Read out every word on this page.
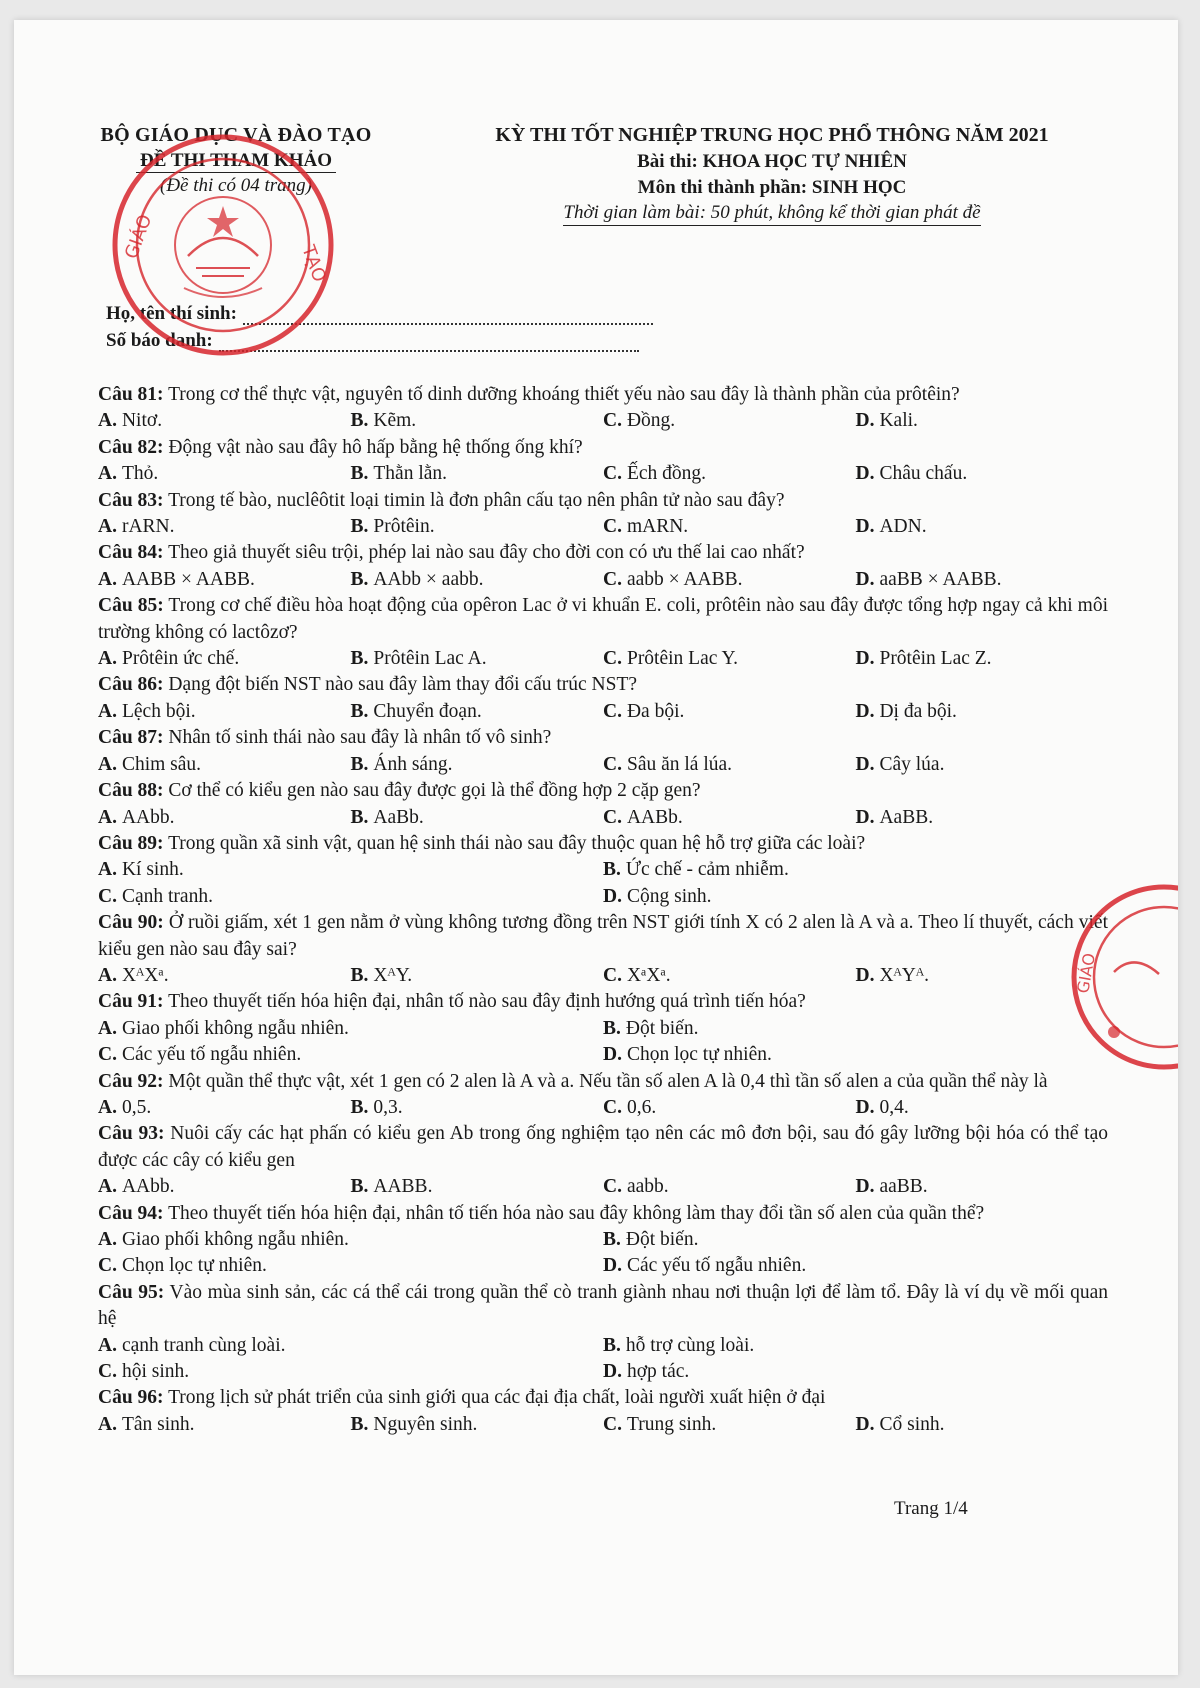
BỘ GIÁO DỤC VÀ ĐÀO TẠO
ĐỀ THI THAM KHẢO
(Đề thi có 04 trang)
KỲ THI TỐT NGHIỆP TRUNG HỌC PHỔ THÔNG NĂM 2021
Bài thi: KHOA HỌC TỰ NHIÊN
Môn thi thành phần: SINH HỌC
Thời gian làm bài: 50 phút, không kể thời gian phát đề
Họ, tên thí sinh:
Số báo danh:
Câu 81: Trong cơ thể thực vật, nguyên tố dinh dưỡng khoáng thiết yếu nào sau đây là thành phần của prôtêin?
A. Nitơ.	B. Kẽm.	C. Đồng.	D. Kali.
Câu 82: Động vật nào sau đây hô hấp bằng hệ thống ống khí?
A. Thỏ.	B. Thằn lằn.	C. Ếch đồng.	D. Châu chấu.
Câu 83: Trong tế bào, nuclêôtit loại timin là đơn phân cấu tạo nên phân tử nào sau đây?
A. rARN.	B. Prôtêin.	C. mARN.	D. ADN.
Câu 84: Theo giả thuyết siêu trội, phép lai nào sau đây cho đời con có ưu thế lai cao nhất?
A. AABB × AABB.	B. AAbb × aabb.	C. aabb × AABB.	D. aaBB × AABB.
Câu 85: Trong cơ chế điều hòa hoạt động của opêron Lac ở vi khuẩn E. coli, prôtêin nào sau đây được tổng hợp ngay cả khi môi trường không có lactôzơ?
A. Prôtêin ức chế.	B. Prôtêin Lac A.	C. Prôtêin Lac Y.	D. Prôtêin Lac Z.
Câu 86: Dạng đột biến NST nào sau đây làm thay đổi cấu trúc NST?
A. Lệch bội.	B. Chuyển đoạn.	C. Đa bội.	D. Dị đa bội.
Câu 87: Nhân tố sinh thái nào sau đây là nhân tố vô sinh?
A. Chim sâu.	B. Ánh sáng.	C. Sâu ăn lá lúa.	D. Cây lúa.
Câu 88: Cơ thể có kiểu gen nào sau đây được gọi là thể đồng hợp 2 cặp gen?
A. AAbb.	B. AaBb.	C. AABb.	D. AaBB.
Câu 89: Trong quần xã sinh vật, quan hệ sinh thái nào sau đây thuộc quan hệ hỗ trợ giữa các loài?
A. Kí sinh.	B. Ức chế - cảm nhiễm.
C. Cạnh tranh.	D. Cộng sinh.
Câu 90: Ở ruồi giấm, xét 1 gen nằm ở vùng không tương đồng trên NST giới tính X có 2 alen là A và a. Theo lí thuyết, cách viết kiểu gen nào sau đây sai?
A. XᴬXᵃ.	B. XᴬY.	C. XᵃXᵃ.	D. XᴬYᴬ.
Câu 91: Theo thuyết tiến hóa hiện đại, nhân tố nào sau đây định hướng quá trình tiến hóa?
A. Giao phối không ngẫu nhiên.	B. Đột biến.
C. Các yếu tố ngẫu nhiên.	D. Chọn lọc tự nhiên.
Câu 92: Một quần thể thực vật, xét 1 gen có 2 alen là A và a. Nếu tần số alen A là 0,4 thì tần số alen a của quần thể này là
A. 0,5.	B. 0,3.	C. 0,6.	D. 0,4.
Câu 93: Nuôi cấy các hạt phấn có kiểu gen Ab trong ống nghiệm tạo nên các mô đơn bội, sau đó gây lưỡng bội hóa có thể tạo được các cây có kiểu gen
A. AAbb.	B. AABB.	C. aabb.	D. aaBB.
Câu 94: Theo thuyết tiến hóa hiện đại, nhân tố tiến hóa nào sau đây không làm thay đổi tần số alen của quần thể?
A. Giao phối không ngẫu nhiên.	B. Đột biến.
C. Chọn lọc tự nhiên.	D. Các yếu tố ngẫu nhiên.
Câu 95: Vào mùa sinh sản, các cá thể cái trong quần thể cò tranh giành nhau nơi thuận lợi để làm tổ. Đây là ví dụ về mối quan hệ
A. cạnh tranh cùng loài.	B. hỗ trợ cùng loài.
C. hội sinh.	D. hợp tác.
Câu 96: Trong lịch sử phát triển của sinh giới qua các đại địa chất, loài người xuất hiện ở đại
A. Tân sinh.	B. Nguyên sinh.	C. Trung sinh.	D. Cổ sinh.
Trang 1/4
GIÁO
TẠO
GIÁO
